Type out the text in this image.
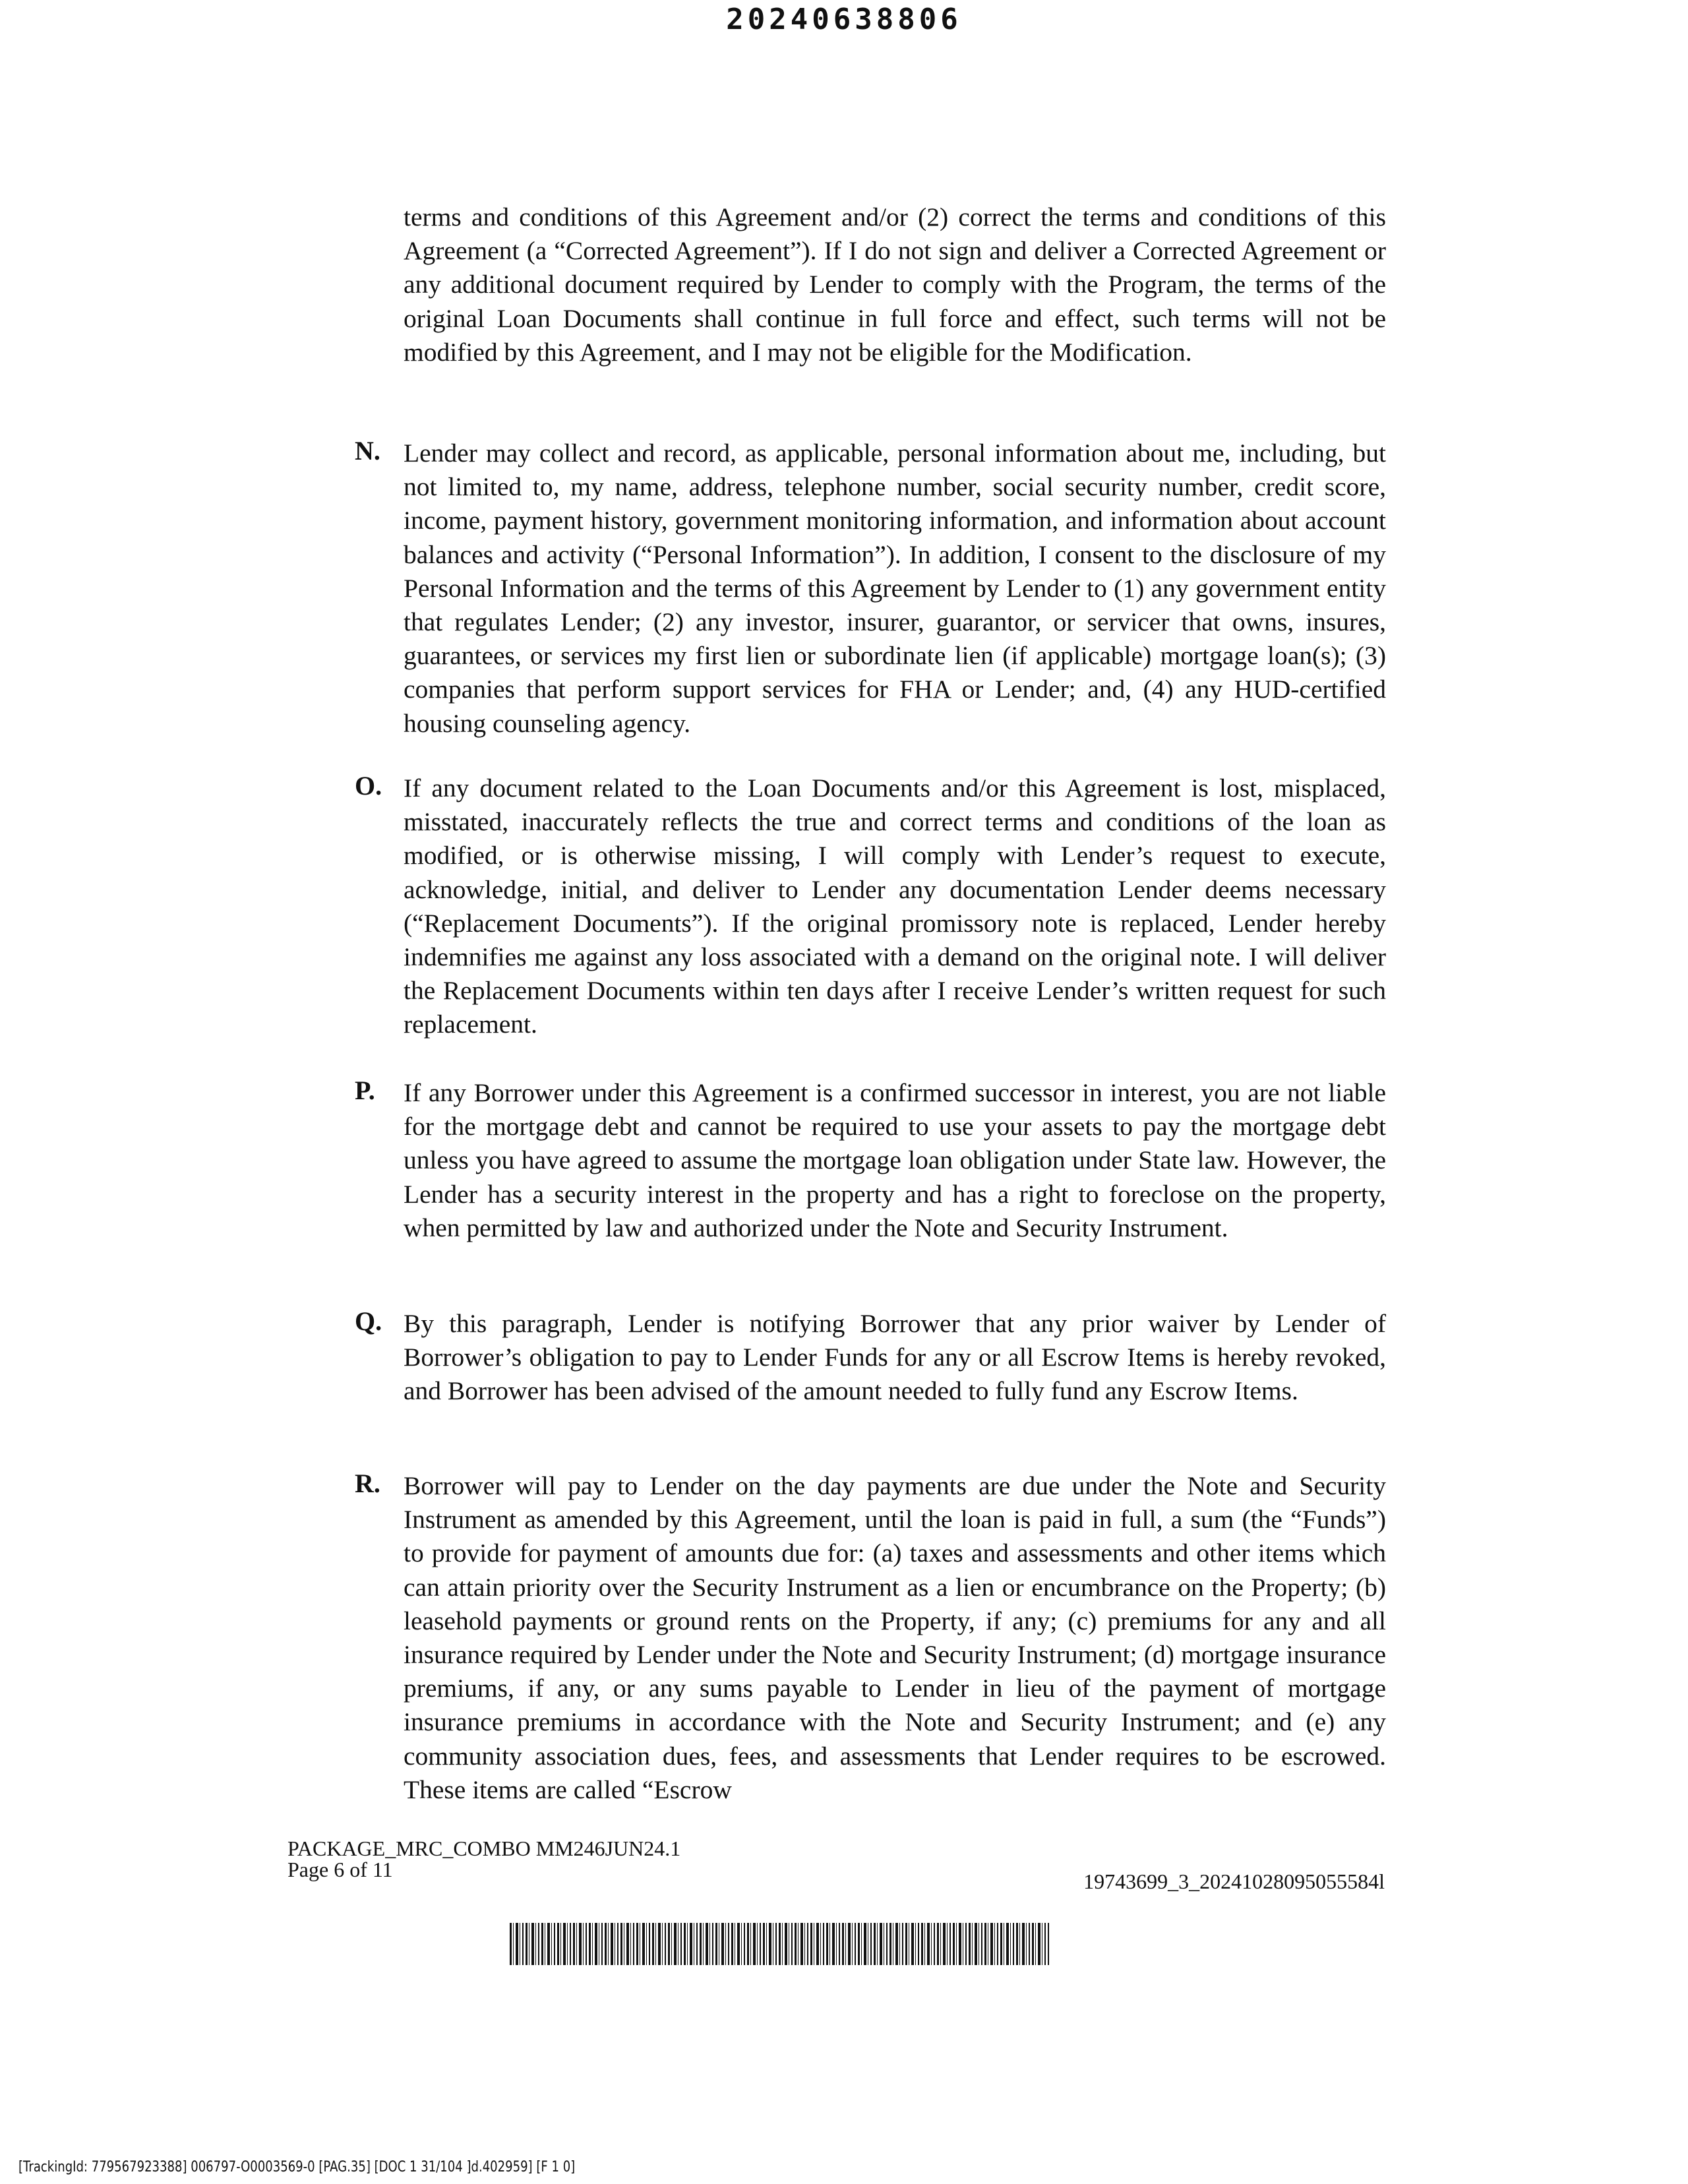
20240638806

terms and conditions of this Agreement and/or (2) correct the terms and conditions of this Agreement (a “Corrected Agreement”). If I do not sign and deliver a Corrected Agreement or any additional document required by Lender to comply with the Program, the terms of the original Loan Documents shall continue in full force and effect, such terms will not be modified by this Agreement, and I may not be eligible for the Modification.

N. Lender may collect and record, as applicable, personal information about me, including, but not limited to, my name, address, telephone number, social security number, credit score, income, payment history, government monitoring information, and information about account balances and activity (“Personal Information”). In addition, I consent to the disclosure of my Personal Information and the terms of this Agreement by Lender to (1) any government entity that regulates Lender; (2) any investor, insurer, guarantor, or servicer that owns, insures, guarantees, or services my first lien or subordinate lien (if applicable) mortgage loan(s); (3) companies that perform support services for FHA or Lender; and, (4) any HUD-certified housing counseling agency.

O. If any document related to the Loan Documents and/or this Agreement is lost, misplaced, misstated, inaccurately reflects the true and correct terms and conditions of the loan as modified, or is otherwise missing, I will comply with Lender’s request to execute, acknowledge, initial, and deliver to Lender any documentation Lender deems necessary (“Replacement Documents”). If the original promissory note is replaced, Lender hereby indemnifies me against any loss associated with a demand on the original note. I will deliver the Replacement Documents within ten days after I receive Lender’s written request for such replacement.

P. If any Borrower under this Agreement is a confirmed successor in interest, you are not liable for the mortgage debt and cannot be required to use your assets to pay the mortgage debt unless you have agreed to assume the mortgage loan obligation under State law. However, the Lender has a security interest in the property and has a right to foreclose on the property, when permitted by law and authorized under the Note and Security Instrument.

Q. By this paragraph, Lender is notifying Borrower that any prior waiver by Lender of Borrower’s obligation to pay to Lender Funds for any or all Escrow Items is hereby revoked, and Borrower has been advised of the amount needed to fully fund any Escrow Items.

R. Borrower will pay to Lender on the day payments are due under the Note and Security Instrument as amended by this Agreement, until the loan is paid in full, a sum (the “Funds”) to provide for payment of amounts due for: (a) taxes and assessments and other items which can attain priority over the Security Instrument as a lien or encumbrance on the Property; (b) leasehold payments or ground rents on the Property, if any; (c) premiums for any and all insurance required by Lender under the Note and Security Instrument; (d) mortgage insurance premiums, if any, or any sums payable to Lender in lieu of the payment of mortgage insurance premiums in accordance with the Note and Security Instrument; and (e) any community association dues, fees, and assessments that Lender requires to be escrowed. These items are called “Escrow

PACKAGE_MRC_COMBO MM246JUN24.1
Page 6 of 11	19743699_3_20241028095055584l
[TrackingId: 779567923388] 006797-O0003569-0 [PAG.35] [DOC 1 31/104 ]d.402959] [F 1 0]
